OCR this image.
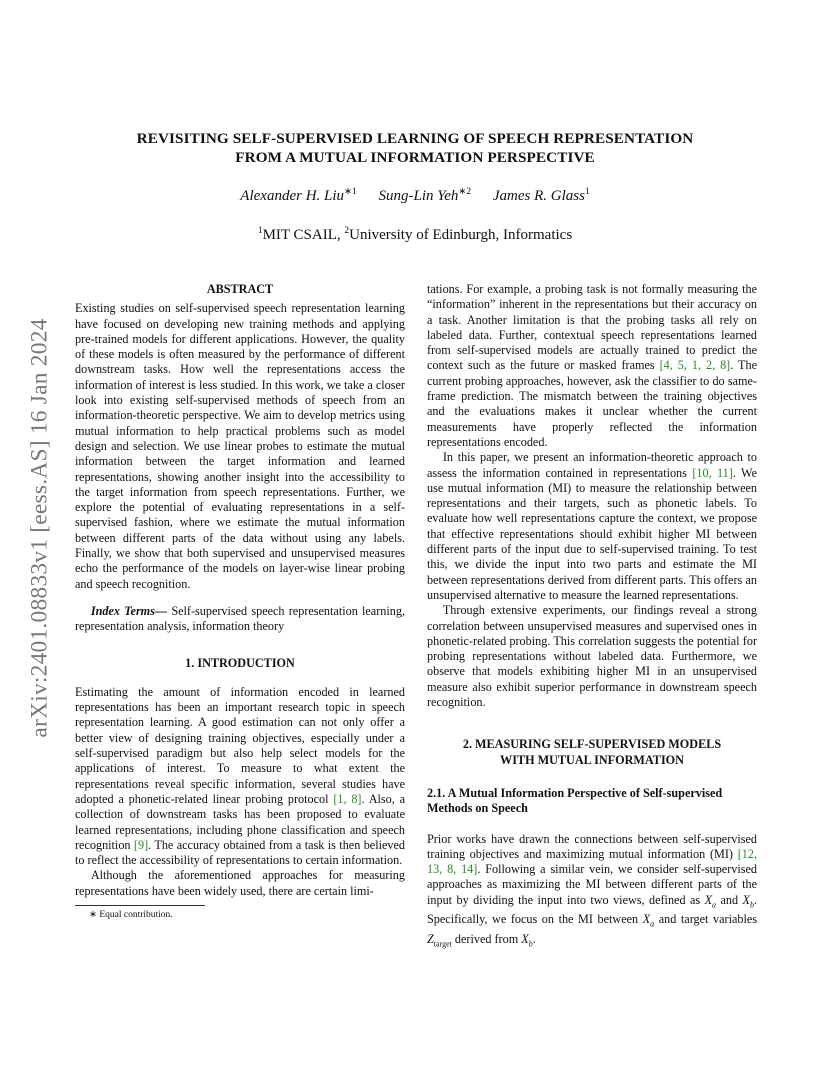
arXiv:2401.08833v1 [eess.AS] 16 Jan 2024
REVISITING SELF-SUPERVISED LEARNING OF SPEECH REPRESENTATION
FROM A MUTUAL INFORMATION PERSPECTIVE
Alexander H. Liu$^{∗1}$ Sung-Lin Yeh$^{∗2}$ James R. Glass$^1$
$^1$MIT CSAIL, $^2$University of Edinburgh, Informatics

ABSTRACT

Existing studies on self-supervised speech representation learning have focused on developing new training methods and applying pre-trained models for different applications. However, the quality of these models is often measured by the performance of different downstream tasks. How well the representations access the information of interest is less studied. In this work, we take a closer look into existing self-supervised methods of speech from an information-theoretic perspective. We aim to develop metrics using mutual information to help practical problems such as model design and selection. We use linear probes to estimate the mutual information between the target information and learned representations, showing another insight into the accessibility to the target information from speech representations. Further, we explore the potential of evaluating representations in a self-supervised fashion, where we estimate the mutual information between different parts of the data without using any labels. Finally, we show that both supervised and unsupervised measures echo the performance of the models on layer-wise linear probing and speech recognition.

Index Terms— Self-supervised speech representation learning, representation analysis, information theory

1. INTRODUCTION

Estimating the amount of information encoded in learned representations has been an important research topic in speech representation learning. A good estimation can not only offer a better view of designing training objectives, especially under a self-supervised paradigm but also help select models for the applications of interest. To measure to what extent the representations reveal specific information, several studies have adopted a phonetic-related linear probing protocol [1, 8]. Also, a collection of downstream tasks has been proposed to evaluate learned representations, including phone classification and speech recognition [9]. The accuracy obtained from a task is then believed to reflect the accessibility of representations to certain information.

Although the aforementioned approaches for measuring representations have been widely used, there are certain limi-

∗ Equal contribution.

tations. For example, a probing task is not formally measuring the “information” inherent in the representations but their accuracy on a task. Another limitation is that the probing tasks all rely on labeled data. Further, contextual speech representations learned from self-supervised models are actually trained to predict the context such as the future or masked frames [4, 5, 1, 2, 8]. The current probing approaches, however, ask the classifier to do same-frame prediction. The mismatch between the training objectives and the evaluations makes it unclear whether the current measurements have properly reflected the information representations encoded.

In this paper, we present an information-theoretic approach to assess the information contained in representations [10, 11]. We use mutual information (MI) to measure the relationship between representations and their targets, such as phonetic labels. To evaluate how well representations capture the context, we propose that effective representations should exhibit higher MI between different parts of the input due to self-supervised training. To test this, we divide the input into two parts and estimate the MI between representations derived from different parts. This offers an unsupervised alternative to measure the learned representations.

Through extensive experiments, our findings reveal a strong correlation between unsupervised measures and supervised ones in phonetic-related probing. This correlation suggests the potential for probing representations without labeled data. Furthermore, we observe that models exhibiting higher MI in an unsupervised measure also exhibit superior performance in downstream speech recognition.

2. MEASURING SELF-SUPERVISED MODELS
WITH MUTUAL INFORMATION

2.1. A Mutual Information Perspective of Self-supervised Methods on Speech

Prior works have drawn the connections between self-supervised training objectives and maximizing mutual information (MI) [12, 13, 8, 14]. Following a similar vein, we consider self-supervised approaches as maximizing the MI between different parts of the input by dividing the input into two views, defined as $X_a$ and $X_b$. Specifically, we focus on the MI between $X_a$ and target variables $Z_{target}$ derived from $X_b$.
